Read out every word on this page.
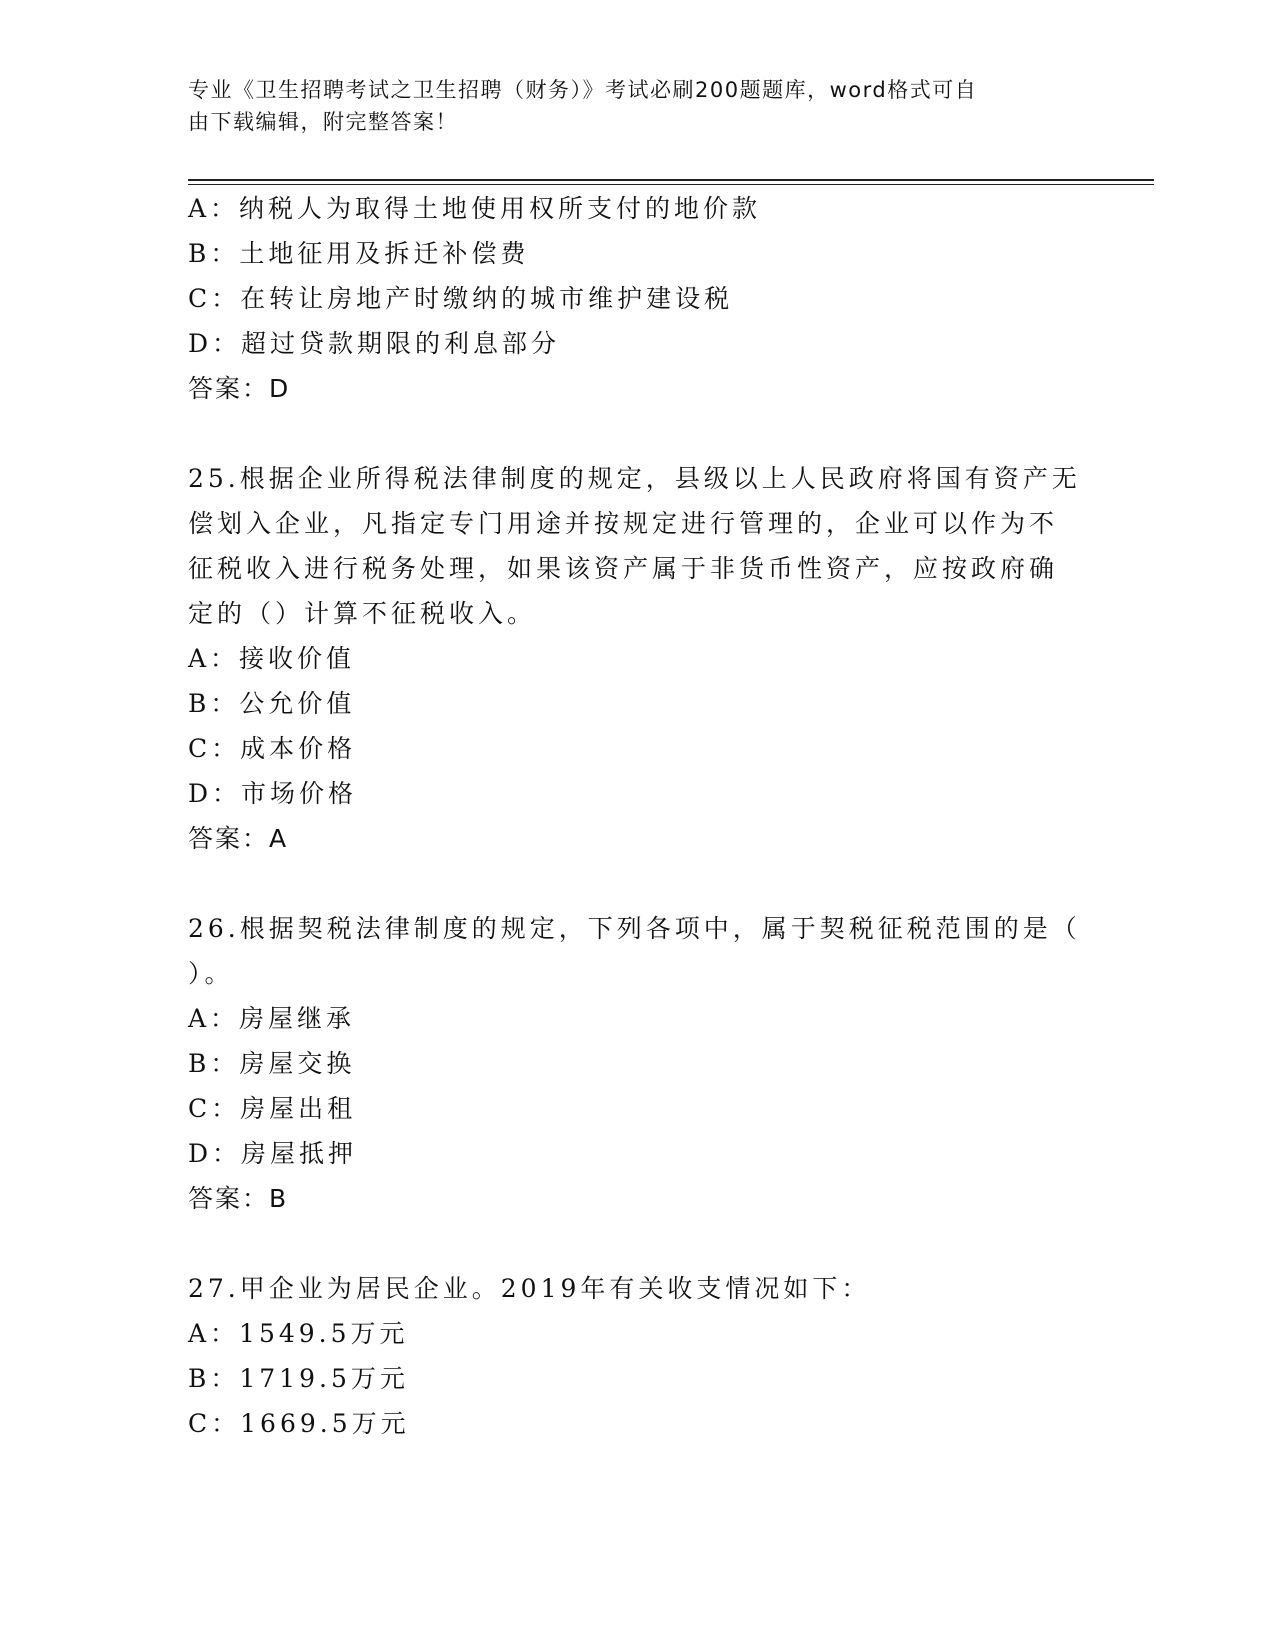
专业《卫生招聘考试之卫生招聘（财务）》考试必刷200题题库，word格式可自
由下载编辑，附完整答案！
A：纳税人为取得土地使用权所支付的地价款
B：土地征用及拆迁补偿费
C：在转让房地产时缴纳的城市维护建设税
D：超过贷款期限的利息部分
答案：D
25.根据企业所得税法律制度的规定，县级以上人民政府将国有资产无
偿划入企业，凡指定专门用途并按规定进行管理的，企业可以作为不
征税收入进行税务处理，如果该资产属于非货币性资产，应按政府确
定的（）计算不征税收入。
A：接收价值
B：公允价值
C：成本价格
D：市场价格
答案：A
26.根据契税法律制度的规定，下列各项中，属于契税征税范围的是（
）。
A：房屋继承
B：房屋交换
C：房屋出租
D：房屋抵押
答案：B
27.甲企业为居民企业。2019年有关收支情况如下：
A：1549.5万元
B：1719.5万元
C：1669.5万元
